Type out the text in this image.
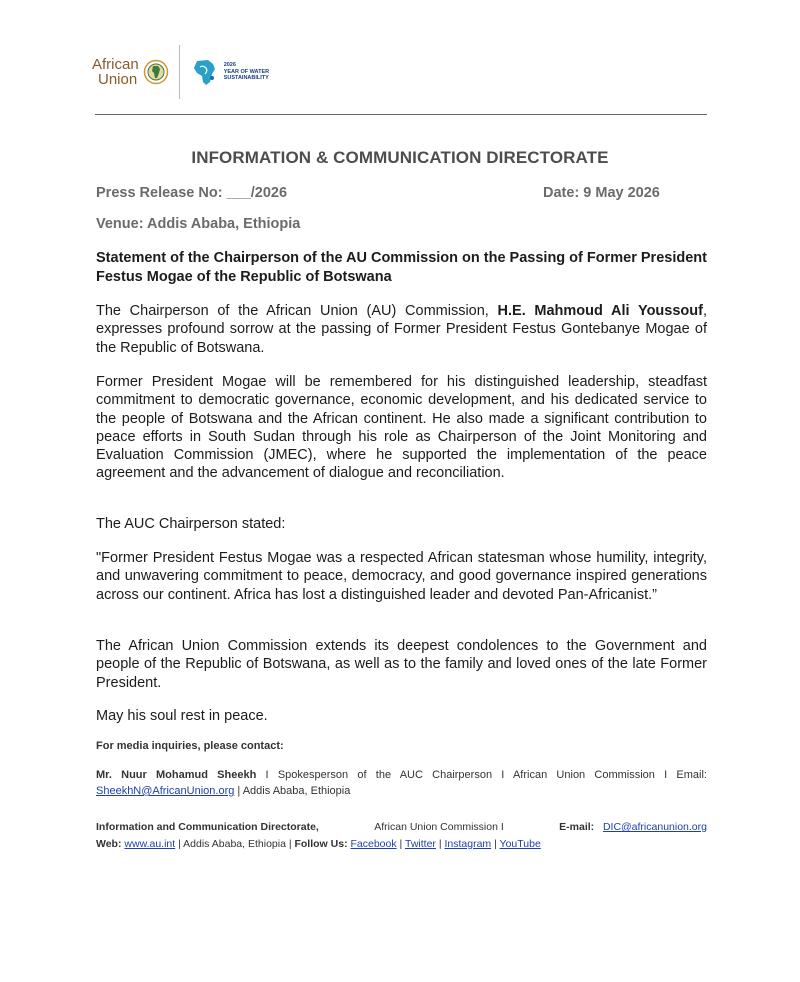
African
Union
2026
YEAR OF WATER
SUSTAINABILITY
INFORMATION & COMMUNICATION DIRECTORATE
Press Release No: ___/2026	Date: 9 May 2026
Venue: Addis Ababa, Ethiopia
Statement of the Chairperson of the AU Commission on the Passing of Former President Festus Mogae of the Republic of Botswana
The Chairperson of the African Union (AU) Commission, H.E. Mahmoud Ali Youssouf, expresses profound sorrow at the passing of Former President Festus Gontebanye Mogae of the Republic of Botswana.
Former President Mogae will be remembered for his distinguished leadership, steadfast commitment to democratic governance, economic development, and his dedicated service to the people of Botswana and the African continent. He also made a significant contribution to peace efforts in South Sudan through his role as Chairperson of the Joint Monitoring and Evaluation Commission (JMEC), where he supported the implementation of the peace agreement and the advancement of dialogue and reconciliation.
The AUC Chairperson stated:
"Former President Festus Mogae was a respected African statesman whose humility, integrity, and unwavering commitment to peace, democracy, and good governance inspired generations across our continent. Africa has lost a distinguished leader and devoted Pan-Africanist.”
The African Union Commission extends its deepest condolences to the Government and people of the Republic of Botswana, as well as to the family and loved ones of the late Former President.
May his soul rest in peace.
For media inquiries, please contact:
Mr. Nuur Mohamud Sheekh I Spokesperson of the AUC Chairperson I African Union Commission I Email: SheekhN@AfricanUnion.org | Addis Ababa, Ethiopia
Information and Communication Directorate,	African Union Commission I	E-mail: DIC@africanunion.org
Web: www.au.int | Addis Ababa, Ethiopia | Follow Us: Facebook | Twitter | Instagram | YouTube
